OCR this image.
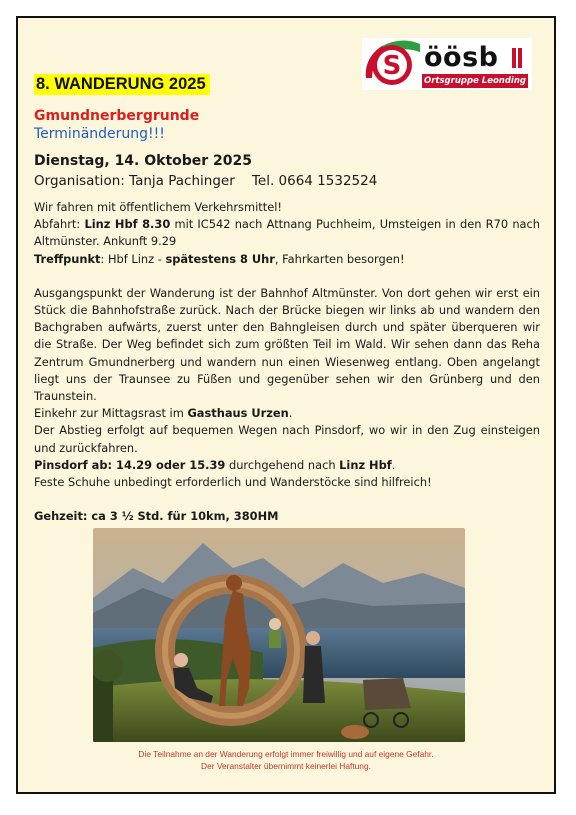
S öösb
Ortsgruppe Leonding
8. WANDERUNG 2025
Gmundnerbergrunde
Terminänderung!!!
Dienstag, 14. Oktober 2025
Organisation: Tanja Pachinger    Tel. 0664 1532524

Wir fahren mit öffentlichem Verkehrsmittel!

Abfahrt: Linz Hbf 8.30 mit IC542 nach Attnang Puchheim, Umsteigen in den R70 nach Altmünster. Ankunft 9.29

Treffpunkt: Hbf Linz - spätestens 8 Uhr, Fahrkarten besorgen!

Ausgangspunkt der Wanderung ist der Bahnhof Altmünster. Von dort gehen wir erst ein Stück die Bahnhofstraße zurück. Nach der Brücke biegen wir links ab und wandern den Bachgraben aufwärts, zuerst unter den Bahngleisen durch und später überqueren wir die Straße. Der Weg befindet sich zum größten Teil im Wald. Wir sehen dann das Reha Zentrum Gmundnerberg und wandern nun einen Wiesenweg entlang. Oben angelangt liegt uns der Traunsee zu Füßen und gegenüber sehen wir den Grünberg und den Traunstein.

Einkehr zur Mittagsrast im Gasthaus Urzen.

Der Abstieg erfolgt auf bequemen Wegen nach Pinsdorf, wo wir in den Zug einsteigen und zurückfahren.

Pinsdorf ab: 14.29 oder 15.39 durchgehend nach Linz Hbf.

Feste Schuhe unbedingt erforderlich und Wanderstöcke sind hilfreich!

Gehzeit: ca 3 ½ Std. für 10km, 380HM

Die Teilnahme an der Wanderung erfolgt immer freiwillig und auf eigene Gefahr.
Der Veranstalter übernimmt keinerlei Haftung.
